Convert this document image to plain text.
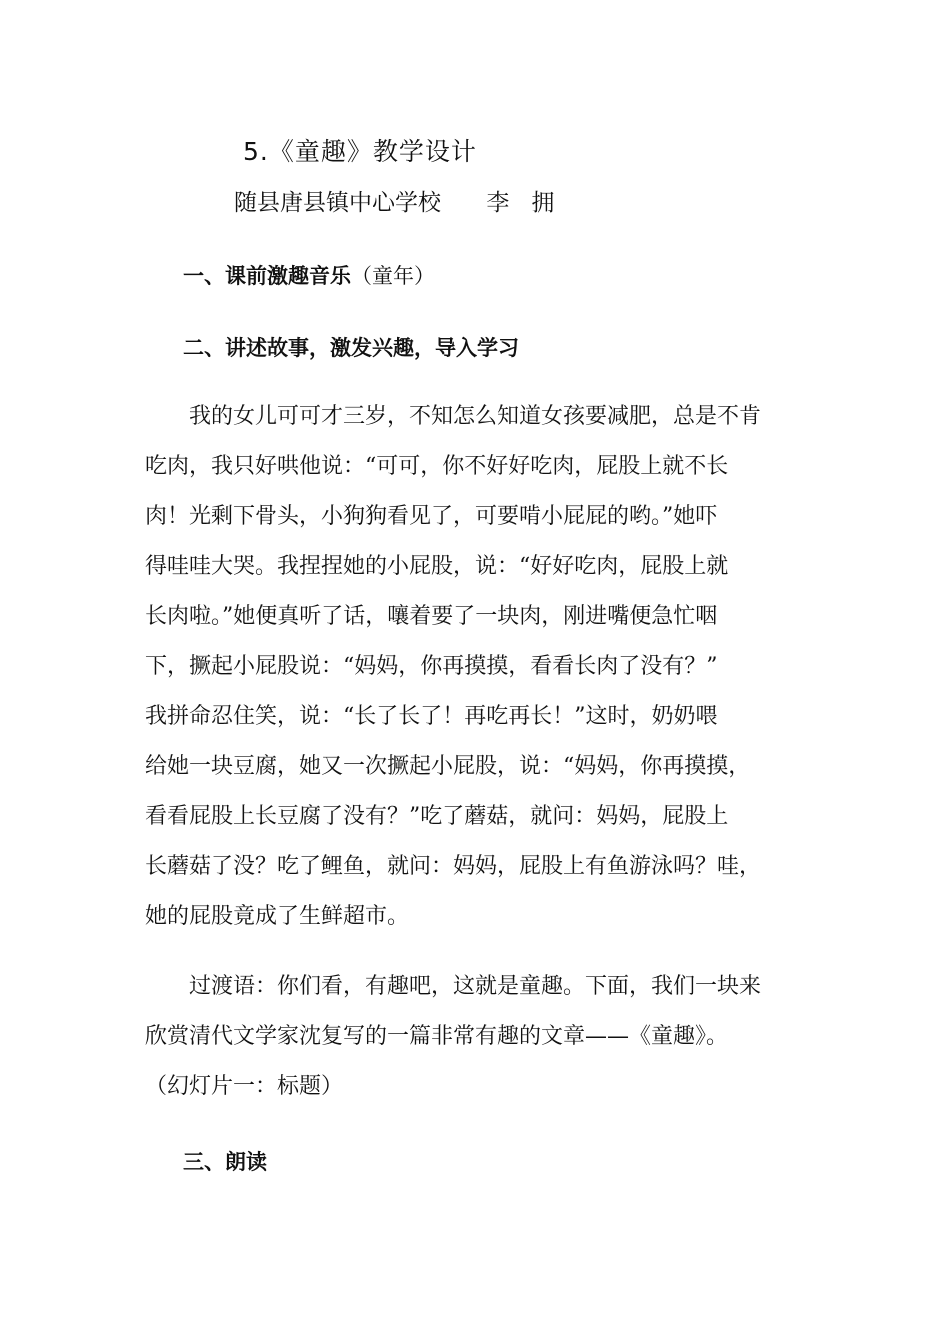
5.《童趣》教学设计
随县唐县镇中心学校 李拥
一、课前激趣音乐（童年）
二、讲述故事，激发兴趣，导入学习
　　我的女儿可可才三岁，不知怎么知道女孩要减肥，总是不肯
吃肉，我只好哄他说：“可可，你不好好吃肉，屁股上就不长
肉！光剩下骨头，小狗狗看见了，可要啃小屁屁的哟。”她吓
得哇哇大哭。我捏捏她的小屁股，说：“好好吃肉，屁股上就
长肉啦。”她便真听了话，嚷着要了一块肉，刚进嘴便急忙咽
下，撅起小屁股说：“妈妈，你再摸摸，看看长肉了没有？”
我拼命忍住笑，说：“长了长了！再吃再长！”这时，奶奶喂
给她一块豆腐，她又一次撅起小屁股，说：“妈妈，你再摸摸，
看看屁股上长豆腐了没有？”吃了蘑菇，就问：妈妈，屁股上
长蘑菇了没？吃了鲤鱼，就问：妈妈，屁股上有鱼游泳吗？哇，
她的屁股竟成了生鲜超市。
　　过渡语：你们看，有趣吧，这就是童趣。下面，我们一块来
欣赏清代文学家沈复写的一篇非常有趣的文章——《童趣》。
（幻灯片一：标题）
三、朗读
